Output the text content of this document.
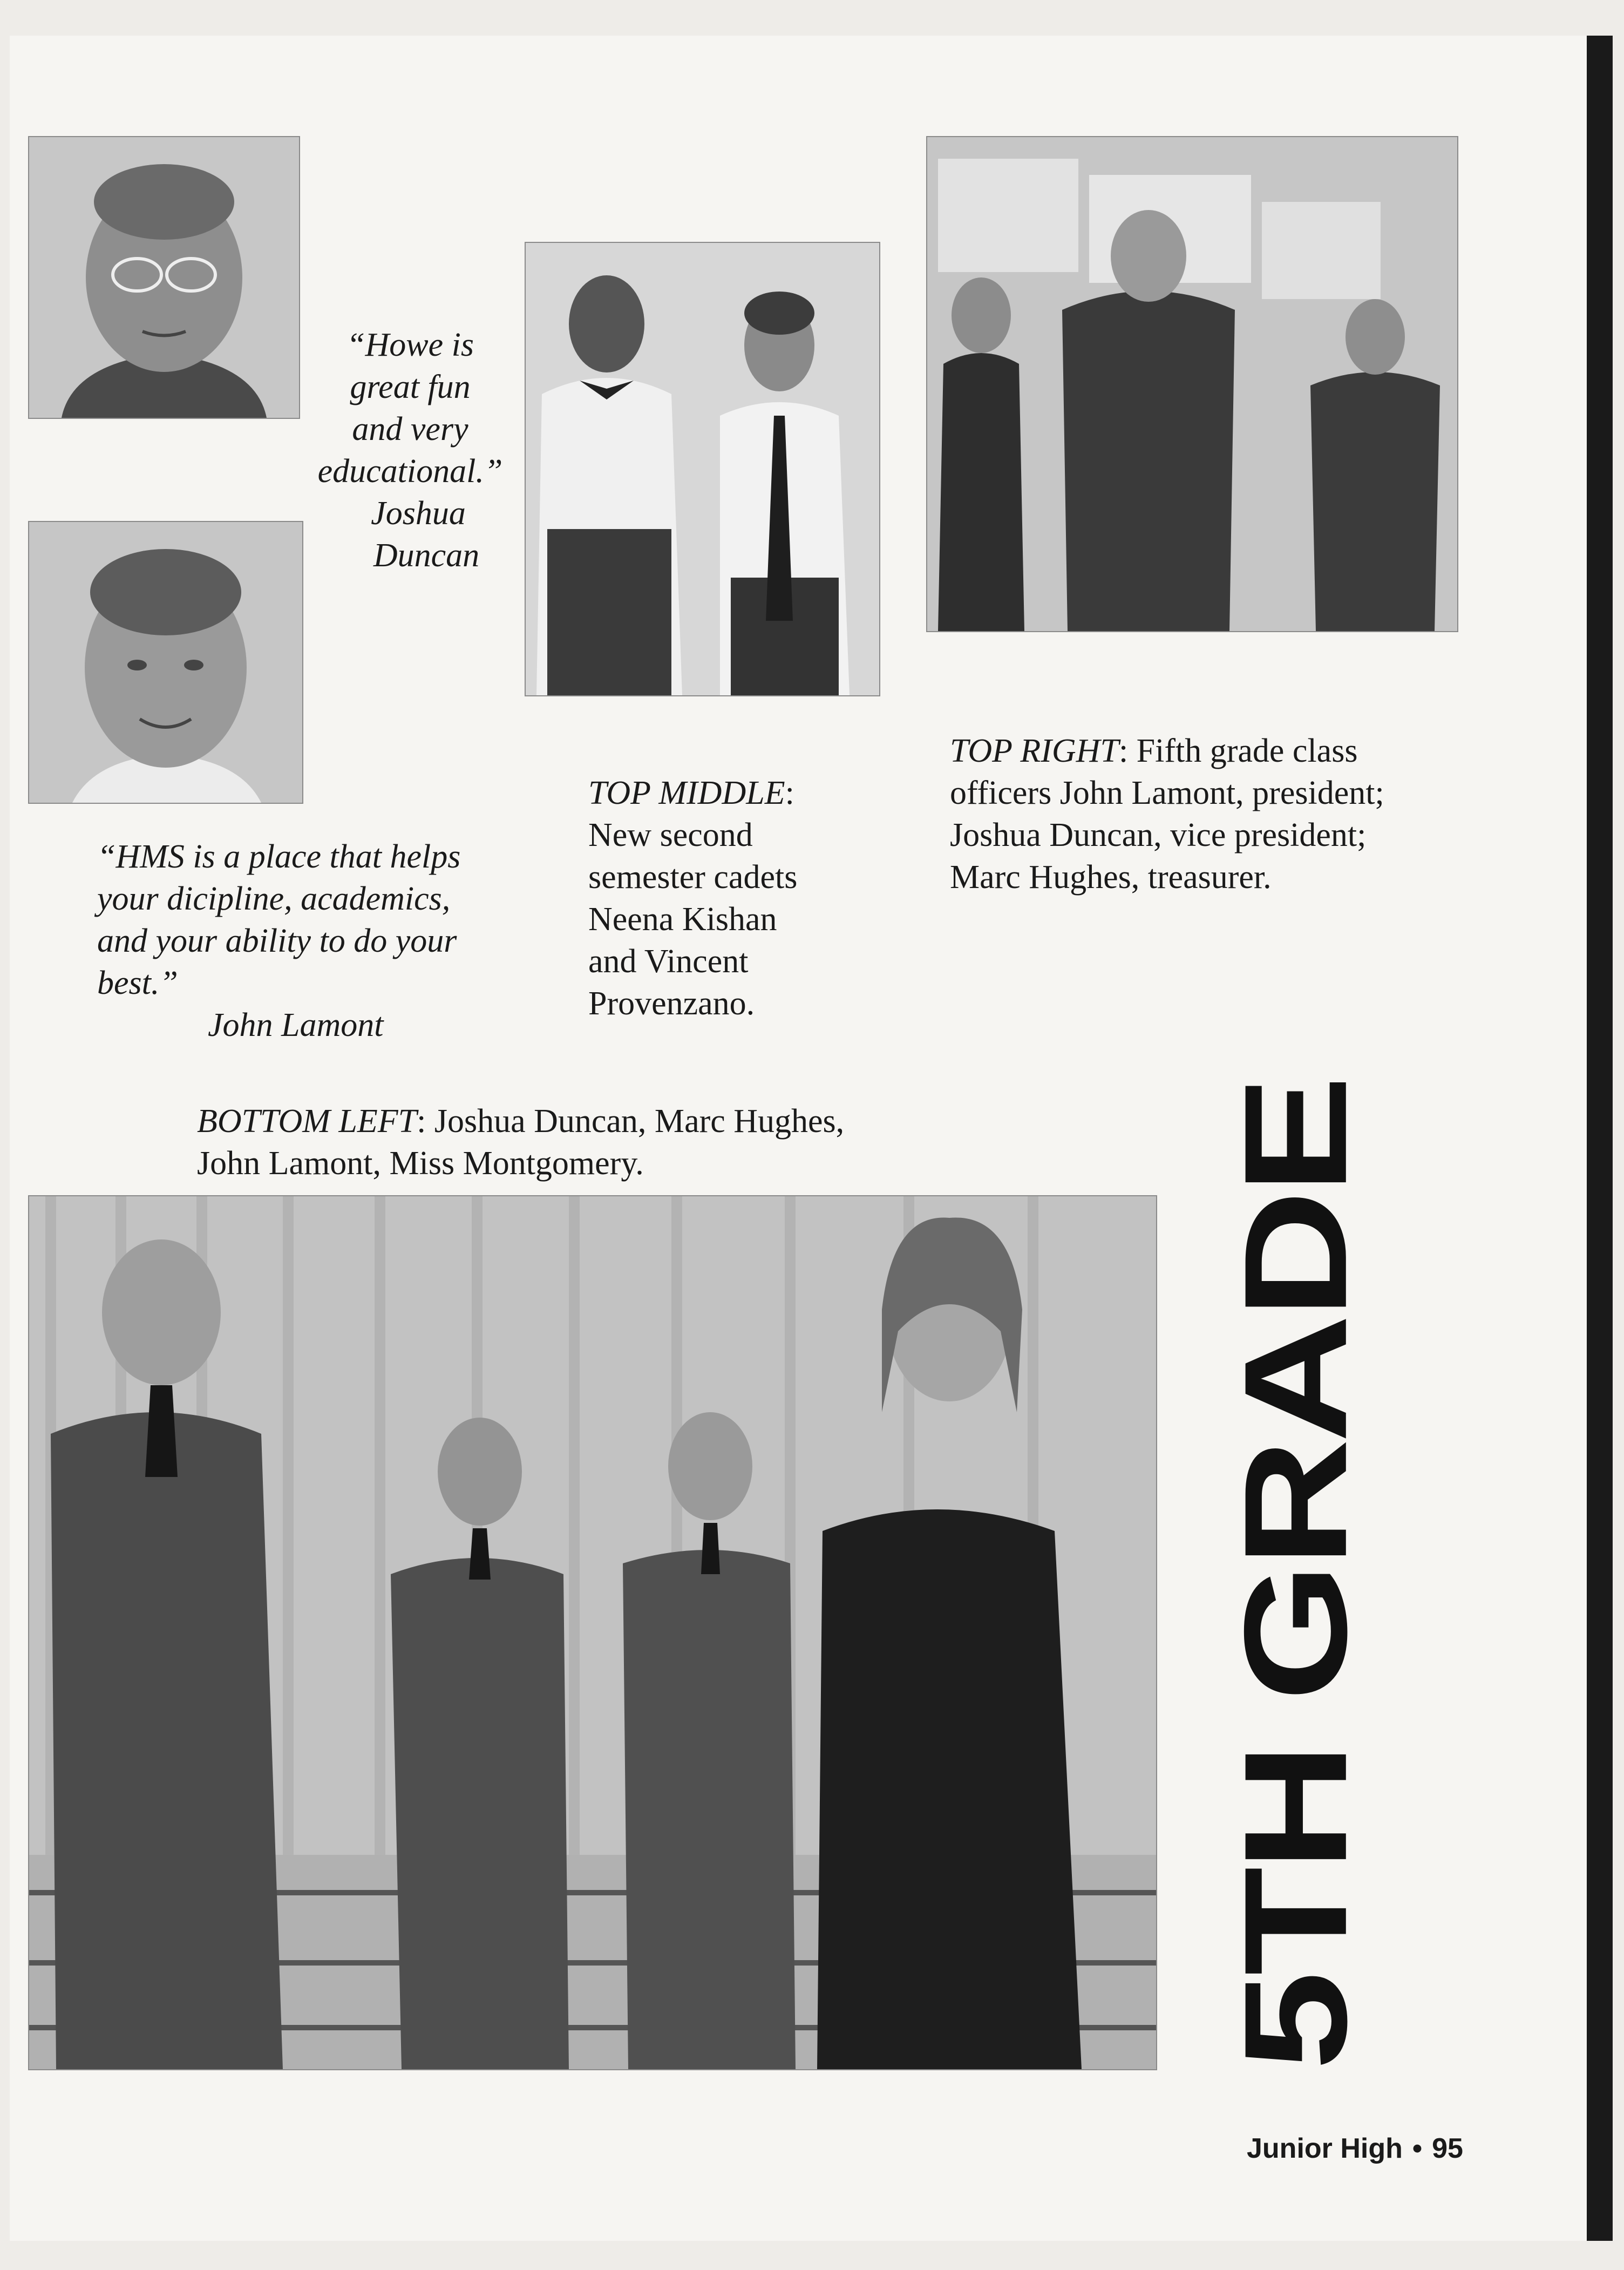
“Howe is
great fun
and very
educational.”
Joshua
Duncan
“HMS is a place that helps
your dicipline, academics,
and your ability to do your
best.”
John Lamont
TOP MIDDLE:
New second
semester cadets
Neena Kishan
and Vincent
Provenzano.
TOP RIGHT: Fifth grade class
officers John Lamont, president;
Joshua Duncan, vice president;
Marc Hughes, treasurer.
BOTTOM LEFT: Joshua Duncan, Marc Hughes,
John Lamont, Miss Montgomery.	5TH GRADE
Junior High • 95
